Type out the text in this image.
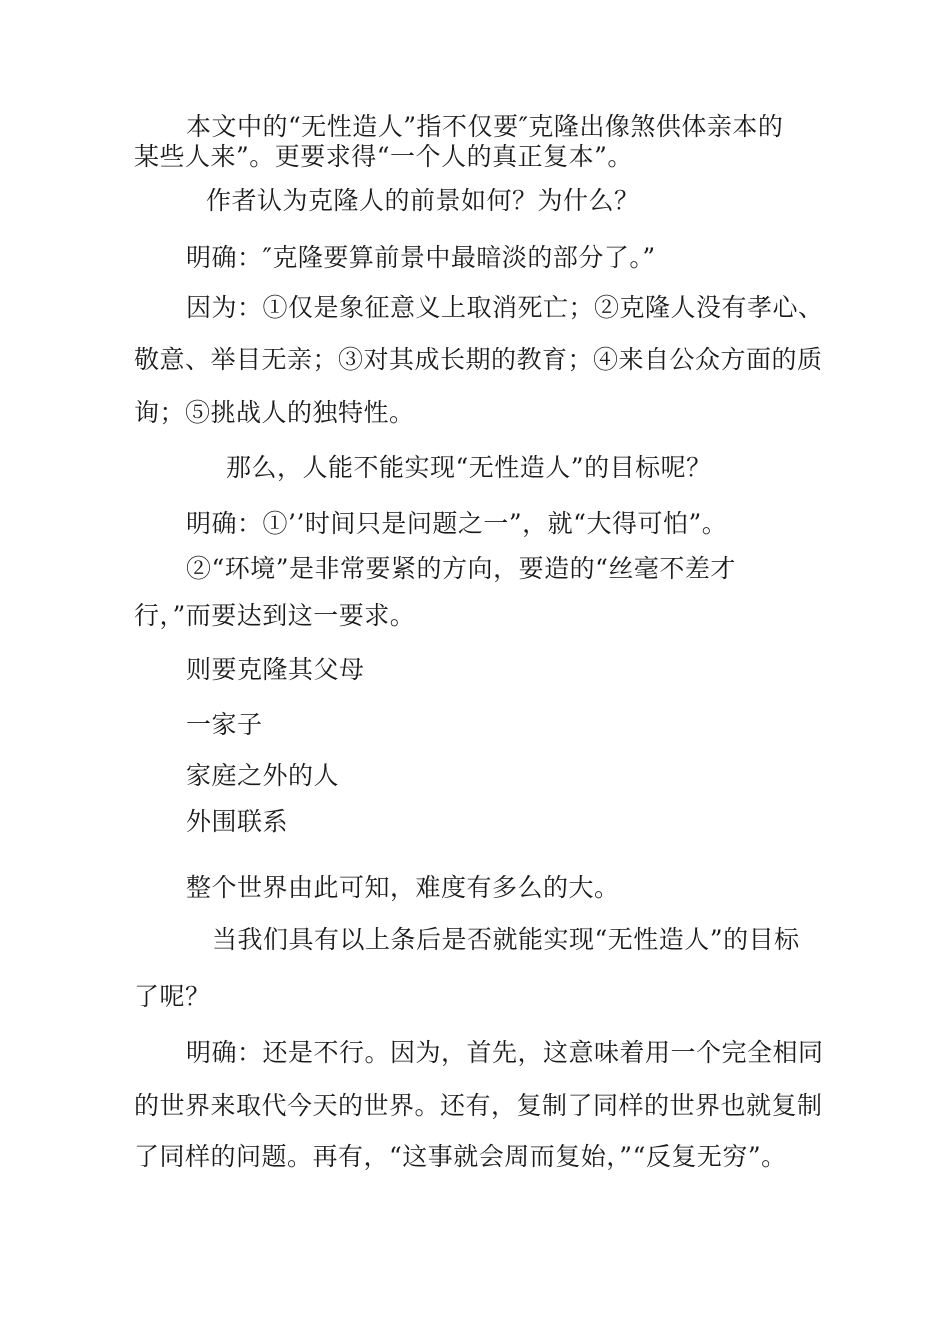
本文中的“无性造人”指不仅要″克隆出像煞供体亲本的
某些人来”。更要求得“一个人的真正复本”。
作者认为克隆人的前景如何？为什么？
明确：″克隆要算前景中最暗淡的部分了。”
因为：①仅是象征意义上取消死亡；②克隆人没有孝心、
敬意、举目无亲；③对其成长期的教育；④来自公众方面的质
询；⑤挑战人的独特性。
那么，人能不能实现“无性造人”的目标呢？
明确：①’’时间只是问题之一”，就“大得可怕”。
②“环境”是非常要紧的方向，要造的“丝毫不差才
行，”而要达到这一要求。
则要克隆其父母
一家子
家庭之外的人
外围联系
整个世界由此可知，难度有多么的大。
当我们具有以上条后是否就能实现“无性造人”的目标
了呢？
明确：还是不行。因为，首先，这意味着用一个完全相同
的世界来取代今天的世界。还有，复制了同样的世界也就复制
了同样的问题。再有，“这事就会周而复始，”“反复无穷”。
